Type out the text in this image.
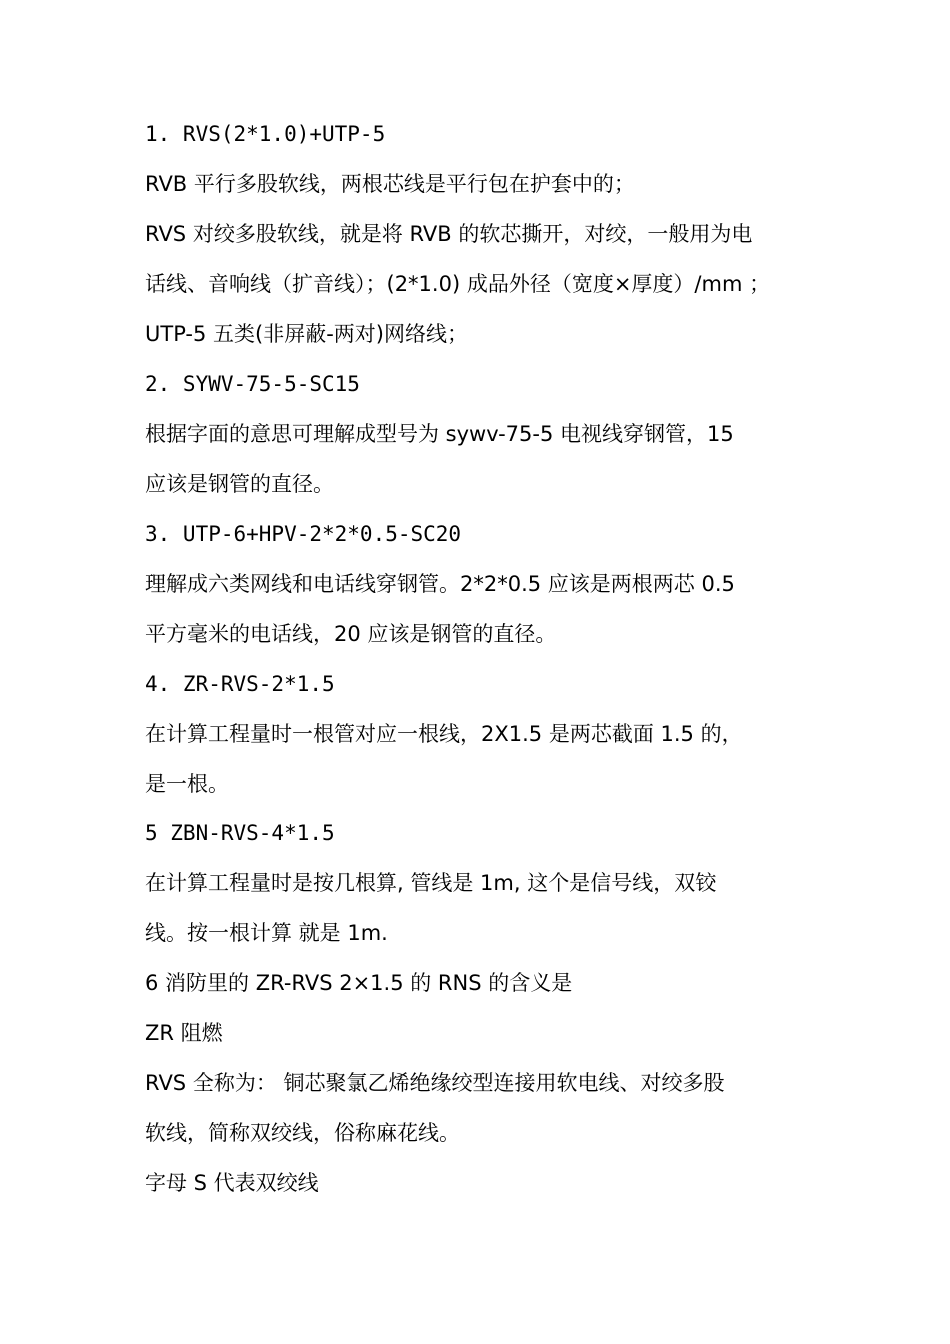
1. RVS(2*1.0)+UTP-5
RVB 平行多股软线，两根芯线是平行包在护套中的；
RVS 对绞多股软线，就是将 RVB 的软芯撕开，对绞，一般用为电
话线、音响线（扩音线）；(2*1.0) 成品外径（宽度×厚度）/mm ；
UTP-5 五类(非屏蔽-两对)网络线；
2. SYWV-75-5-SC15
根据字面的意思可理解成型号为 sywv-75-5 电视线穿钢管，15
应该是钢管的直径。
3. UTP-6+HPV-2*2*0.5-SC20
理解成六类网线和电话线穿钢管。2*2*0.5 应该是两根两芯 0.5
平方毫米的电话线，20 应该是钢管的直径。
4. ZR-RVS-2*1.5
在计算工程量时一根管对应一根线，2X1.5 是两芯截面 1.5 的，
是一根。
5 ZBN-RVS-4*1.5
在计算工程量时是按几根算, 管线是 1m, 这个是信号线，双铰
线。按一根计算 就是 1m.
6 消防里的 ZR-RVS 2×1.5 的 RNS 的含义是
ZR 阻燃
RVS 全称为： 铜芯聚氯乙烯绝缘绞型连接用软电线、对绞多股
软线，简称双绞线，俗称麻花线。
字母 S 代表双绞线
